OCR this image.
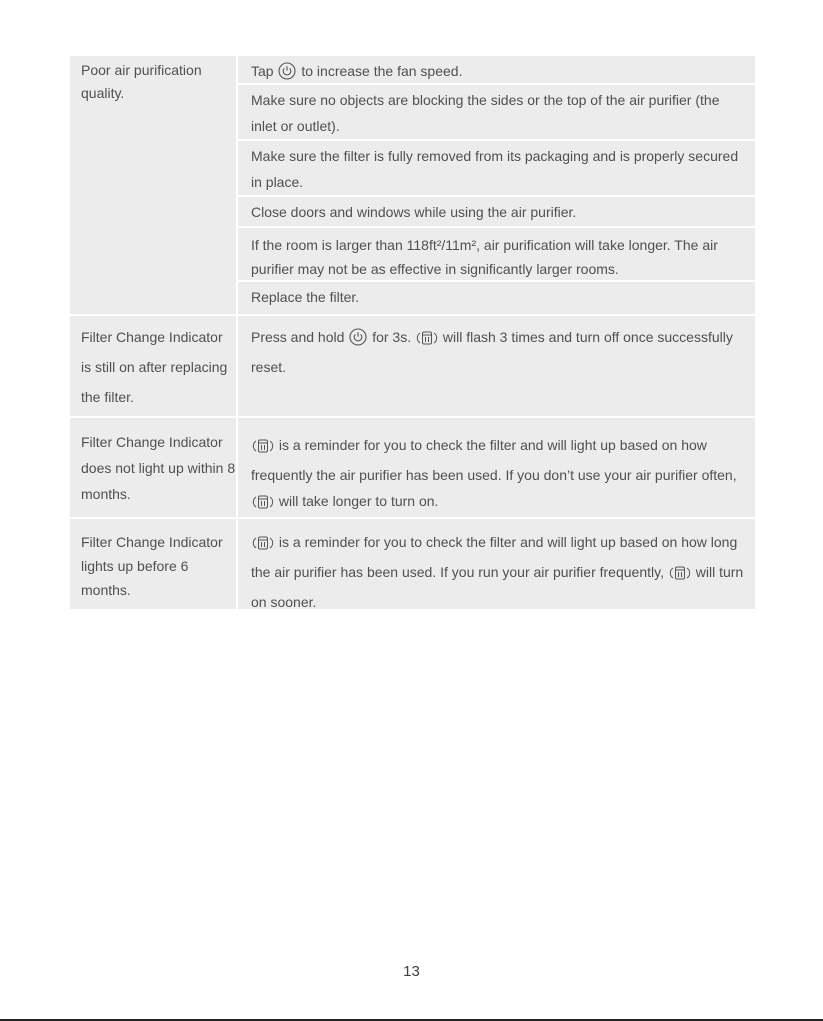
Poor air purification quality.
Tap to increase the fan speed.
Make sure no objects are blocking the sides or the top of the air purifier (the inlet or outlet).
Make sure the filter is fully removed from its packaging and is properly secured in place.
Close doors and windows while using the air purifier.
If the room is larger than 118ft²/11m², air purification will take longer. The air purifier may not be as effective in significantly larger rooms.
Replace the filter.
Filter Change Indicator is still on after replacing the filter.
Press and hold for 3s. will flash 3 times and turn off once successfully reset.
Filter Change Indicator does not light up within 8 months.
is a reminder for you to check the filter and will light up based on how frequently the air purifier has been used. If you don’t use your air purifier often,  will take longer to turn on.
Filter Change Indicator lights up before 6 months.
is a reminder for you to check the filter and will light up based on how long the air purifier has been used. If you run your air purifier frequently, will turn on sooner.
13
